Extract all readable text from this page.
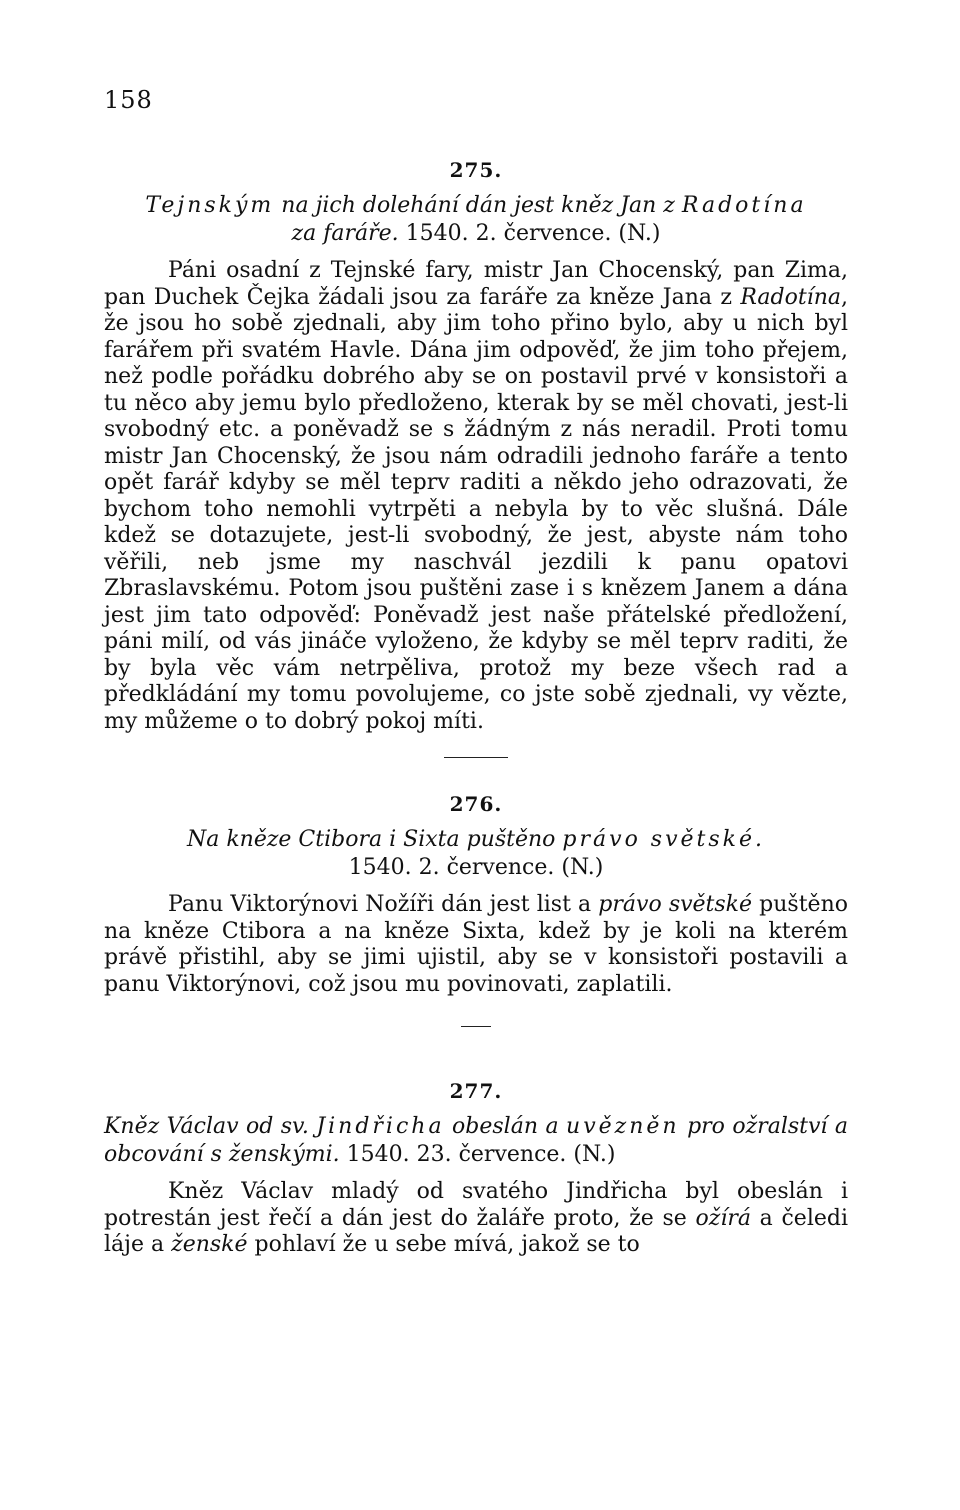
158
275.
Tejnským na jich dolehání dán jest kněz Jan z Radotína
za faráře. 1540. 2. července. (N.)

Páni osadní z Tejnské fary, mistr Jan Chocenský, pan Zima, pan Duchek Čejka žádali jsou za faráře za kněze Jana z Radotína, že jsou ho sobě zjednali, aby jim toho přino bylo, aby u nich byl farářem při svatém Havle. Dána jim odpověď, že jim toho přejem, než podle pořádku dobrého aby se on postavil prvé v konsistoři a tu něco aby jemu bylo předloženo, kterak by se měl chovati, jest-li svobodný etc. a poněvadž se s žádným z nás neradil. Proti tomu mistr Jan Chocenský, že jsou nám odradili jednoho faráře a tento opět farář kdyby se měl teprv raditi a někdo jeho odrazovati, že bychom toho nemohli vytrpěti a nebyla by to věc slušná. Dále kdež se dotazujete, jest-li svobodný, že jest, abyste nám toho věřili, neb jsme my naschvál jezdili k panu opatovi Zbraslavskému. Potom jsou puštěni zase i s knězem Janem a dána jest jim tato odpověď: Poněvadž jest naše přátelské předložení, páni milí, od vás jináče vyloženo, že kdyby se měl teprv raditi, že by byla věc vám netrpěliva, protož my beze všech rad a předkládání my tomu povolujeme, co jste sobě zjednali, vy vězte, my můžeme o to dobrý pokoj míti.

276.
Na kněze Ctibora i Sixta puštěno právo světské.
1540. 2. července. (N.)

Panu Viktorýnovi Nožíři dán jest list a právo světské puštěno na kněze Ctibora a na kněze Sixta, kdež by je koli na kterém právě přistihl, aby se jimi ujistil, aby se v konsistoři postavili a panu Viktorýnovi, což jsou mu povinovati, zaplatili.

277.
Kněz Václav od sv. Jindřicha obeslán a uvězněn pro ožralství a obcování s ženskými. 1540. 23. července. (N.)

Kněz Václav mladý od svatého Jindřicha byl obeslán i potrestán jest řečí a dán jest do žaláře proto, že se ožírá a čeledi láje a ženské pohlaví že u sebe mívá, jakož se to
